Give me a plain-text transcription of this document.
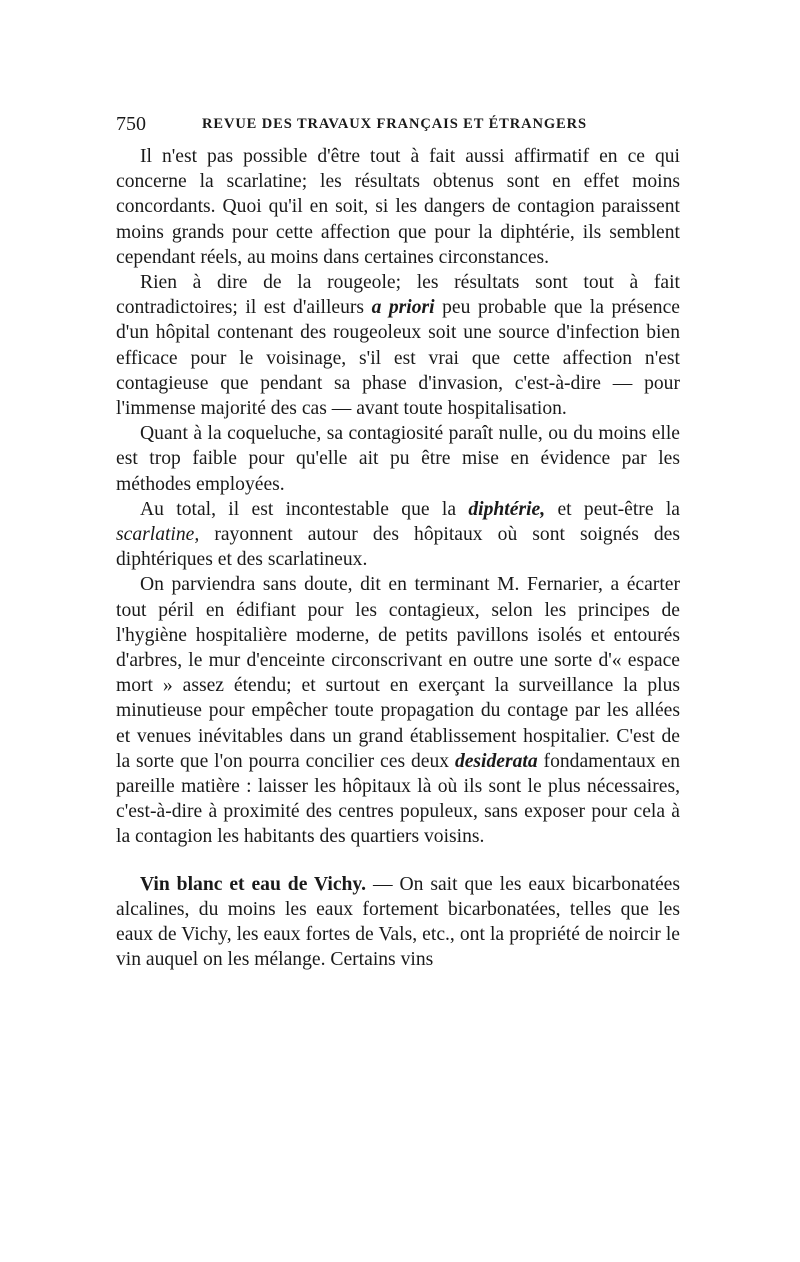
750	REVUE DES TRAVAUX FRANÇAIS ET ÉTRANGERS

Il n'est pas possible d'être tout à fait aussi affirmatif en ce qui concerne la scarlatine; les résultats obtenus sont en effet moins concordants. Quoi qu'il en soit, si les dangers de contagion paraissent moins grands pour cette affection que pour la diphtérie, ils semblent cependant réels, au moins dans certaines circonstances.

Rien à dire de la rougeole; les résultats sont tout à fait contradictoires; il est d'ailleurs a priori peu probable que la présence d'un hôpital contenant des rougeoleux soit une source d'infection bien efficace pour le voisinage, s'il est vrai que cette affection n'est contagieuse que pendant sa phase d'invasion, c'est-à-dire — pour l'immense majorité des cas — avant toute hospitalisation.

Quant à la coqueluche, sa contagiosité paraît nulle, ou du moins elle est trop faible pour qu'elle ait pu être mise en évidence par les méthodes employées.

Au total, il est incontestable que la diphtérie, et peut-être la scarlatine, rayonnent autour des hôpitaux où sont soignés des diphtériques et des scarlatineux.

On parviendra sans doute, dit en terminant M. Fernarier, a écarter tout péril en édifiant pour les contagieux, selon les principes de l'hygiène hospitalière moderne, de petits pavillons isolés et entourés d'arbres, le mur d'enceinte circonscrivant en outre une sorte d'« espace mort » assez étendu; et surtout en exerçant la surveillance la plus minutieuse pour empêcher toute propagation du contage par les allées et venues inévitables dans un grand établissement hospitalier. C'est de la sorte que l'on pourra concilier ces deux desiderata fondamentaux en pareille matière : laisser les hôpitaux là où ils sont le plus nécessaires, c'est-à-dire à proximité des centres populeux, sans exposer pour cela à la contagion les habitants des quartiers voisins.

Vin blanc et eau de Vichy. — On sait que les eaux bicarbonatées alcalines, du moins les eaux fortement bicarbonatées, telles que les eaux de Vichy, les eaux fortes de Vals, etc., ont la propriété de noircir le vin auquel on les mélange. Certains vins
